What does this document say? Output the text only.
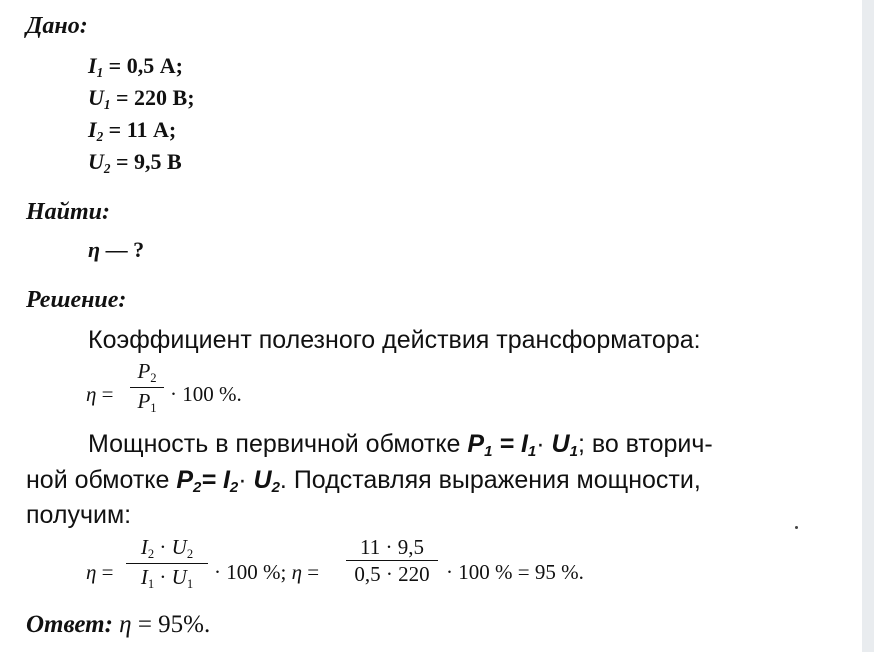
Дано:
$I_1 = 0,5$ А;
$U_1 = 220$ В;
$I_2 = 11$ А;
$U_2 = 9,5$ В
Найти:
η — ?
Решение:
Коэффициент полезного действия трансформатора:
η =
$P_2$
$P_1$
· 100 %.
Мощность в первичной обмотке $P_1 = I_1\cdot U_1$; во вторич-
ной обмотке $P_2= I_2\cdot U_2$. Подставляя выражения мощности,
получим:
η =
$I_2 \cdot U_2$
$I_1 \cdot U_1$
· 100 %; η =
11 · 9,5
0,5 · 220 · 100 % = 95 %.
Ответ: η = 95%.
